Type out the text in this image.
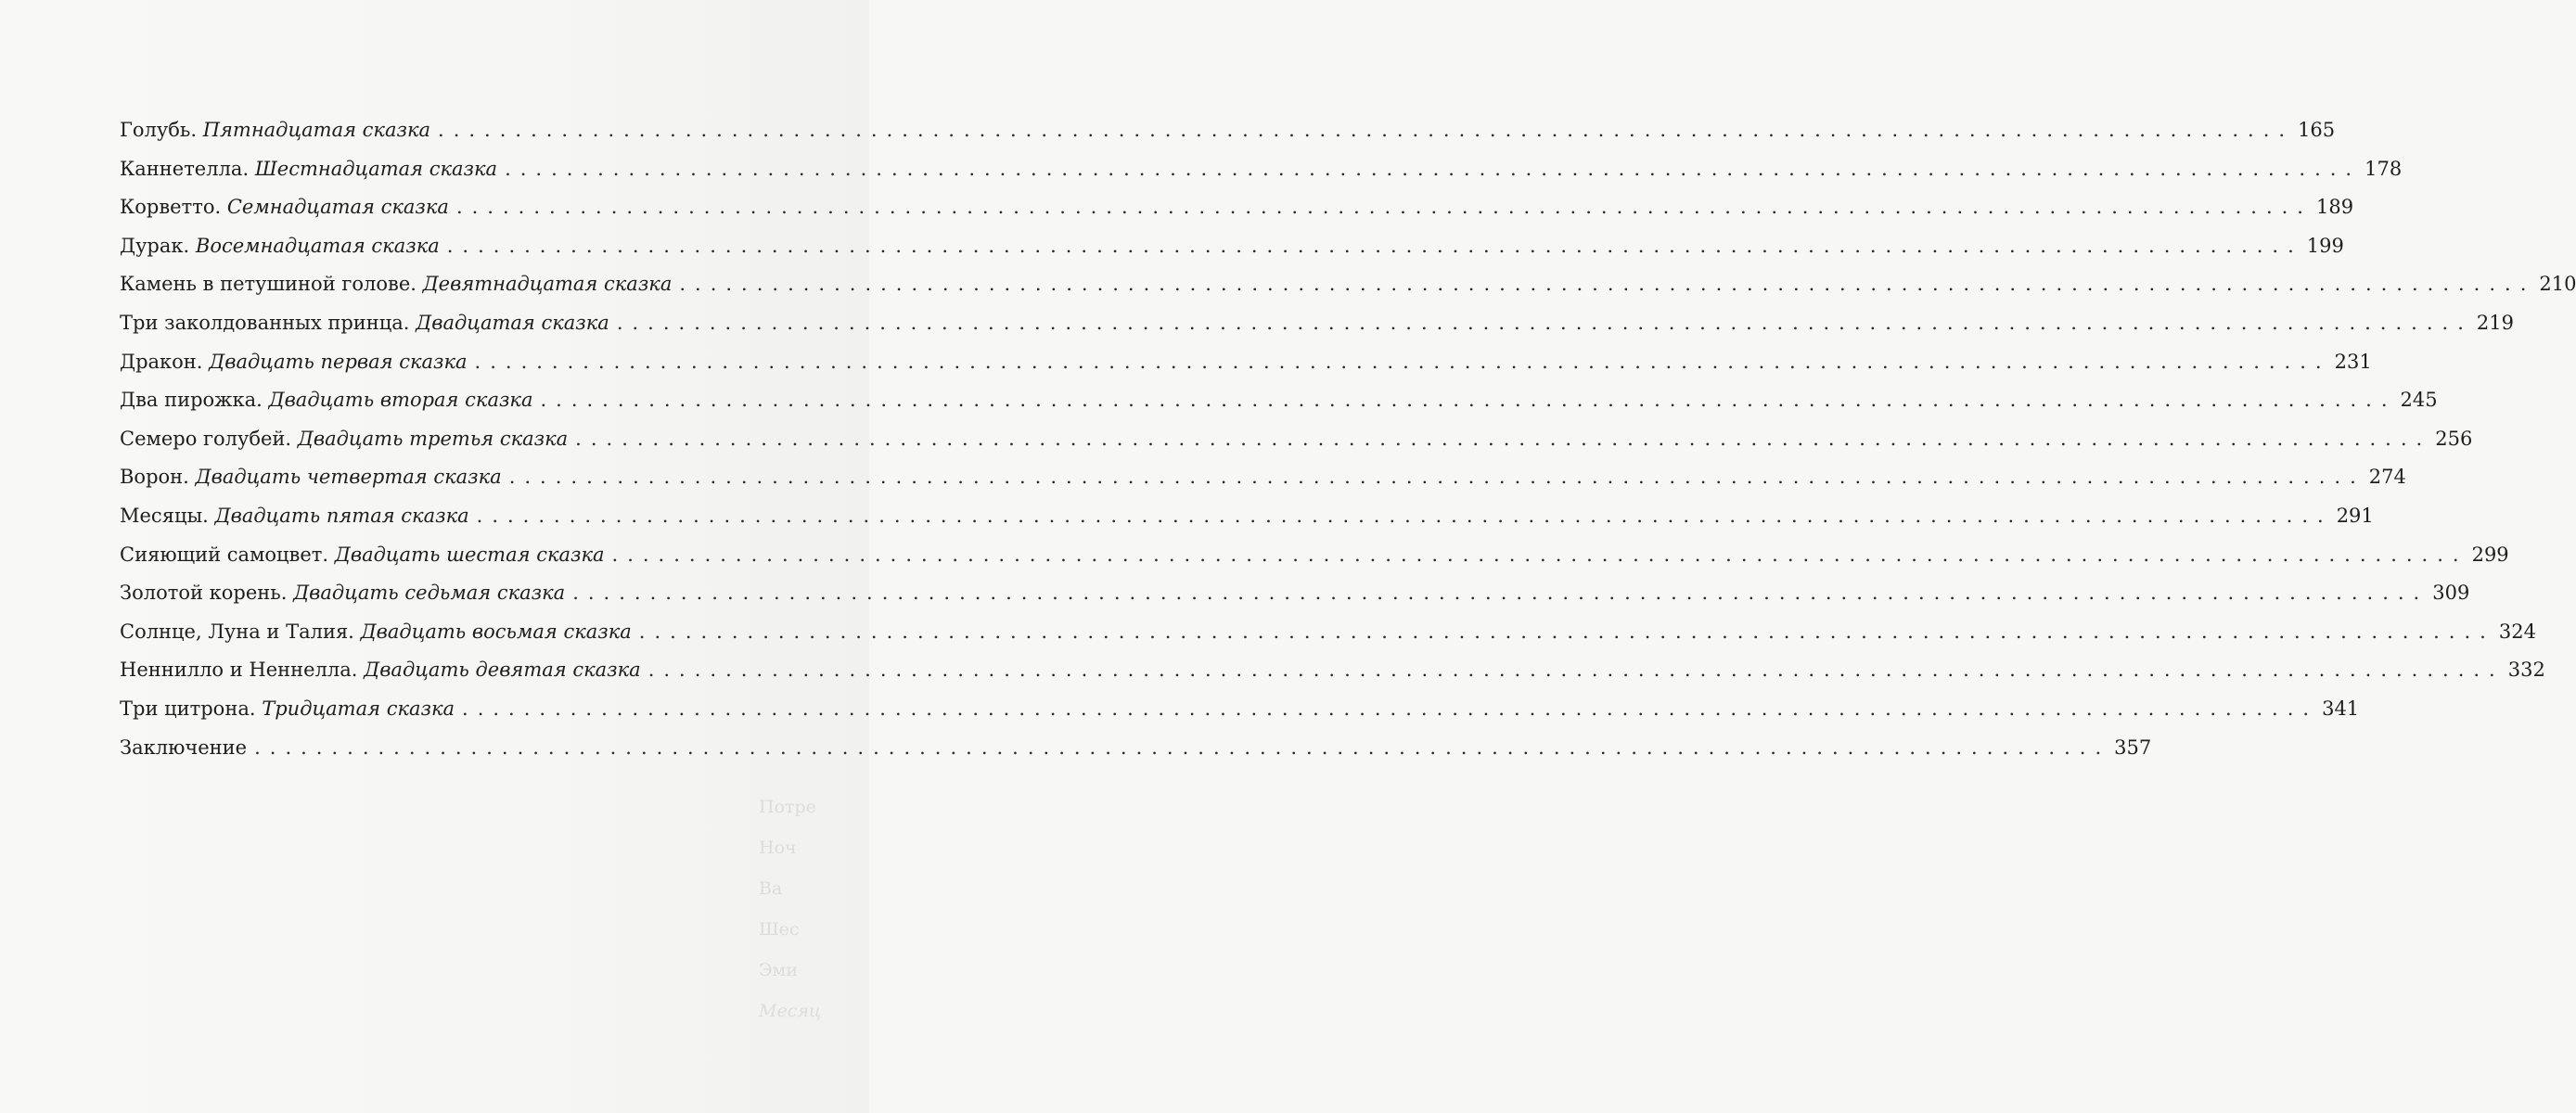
Голубь. Пятнадцатая сказка ........................................................................................................................ 165
Каннетелла. Шестнадцатая сказка ........................................................................................................................ 178
Корветто. Семнадцатая сказка ........................................................................................................................ 189
Дурак. Восемнадцатая сказка ........................................................................................................................ 199
Камень в петушиной голове. Девятнадцатая сказка ........................................................................................................................ 210
Три заколдованных принца. Двадцатая сказка ........................................................................................................................ 219
Дракон. Двадцать первая сказка ........................................................................................................................ 231
Два пирожка. Двадцать вторая сказка ........................................................................................................................ 245
Семеро голубей. Двадцать третья сказка ........................................................................................................................ 256
Ворон. Двадцать четвертая сказка ........................................................................................................................ 274
Месяцы. Двадцать пятая сказка ........................................................................................................................ 291
Сияющий самоцвет. Двадцать шестая сказка ........................................................................................................................ 299
Золотой корень. Двадцать седьмая сказка ........................................................................................................................ 309
Солнце, Луна и Талия. Двадцать восьмая сказка ........................................................................................................................ 324
Неннилло и Неннелла. Двадцать девятая сказка ........................................................................................................................ 332
Три цитрона. Тридцатая сказка ........................................................................................................................ 341
Заключение ........................................................................................................................ 357
Потре
Ноч
Ва
Шес
Эми
Месяц
